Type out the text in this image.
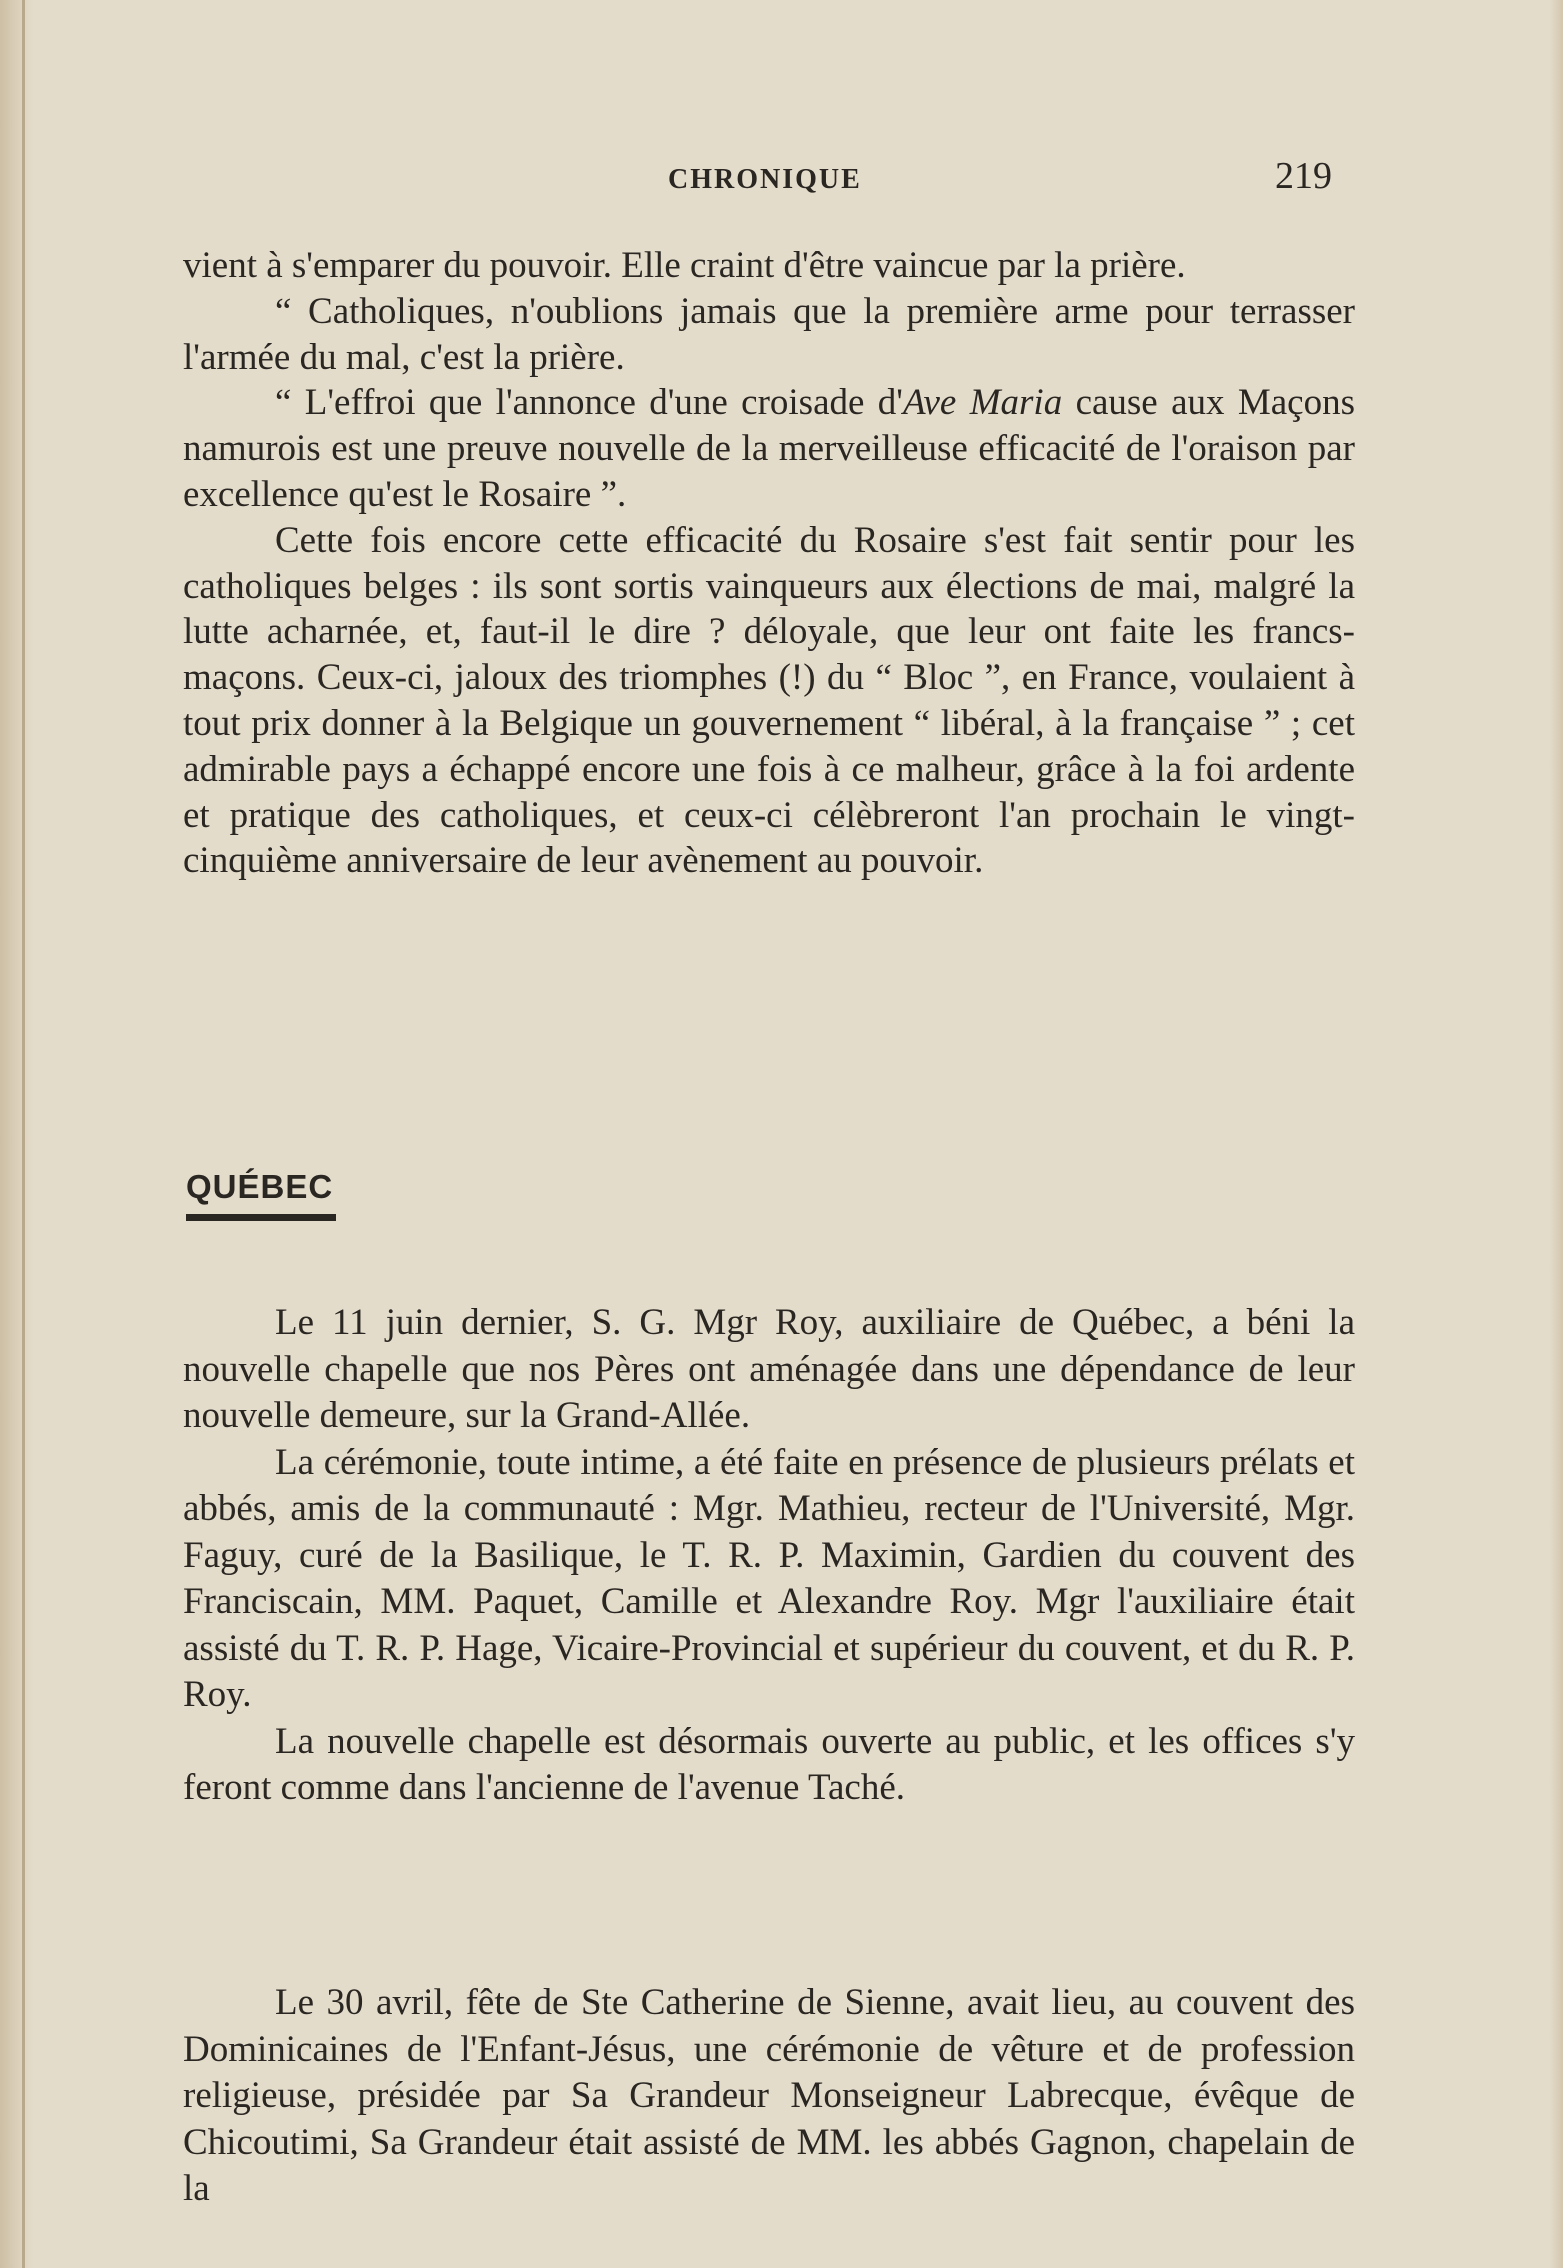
CHRONIQUE	219

vient à s'emparer du pouvoir. Elle craint d'être vaincue par la prière.

“ Catholiques, n'oublions jamais que la première arme pour terrasser l'armée du mal, c'est la prière.

“ L'effroi que l'annonce d'une croisade d'Ave Maria cause aux Maçons namurois est une preuve nouvelle de la merveilleuse efficacité de l'oraison par excellence qu'est le Rosaire ”.

Cette fois encore cette efficacité du Rosaire s'est fait sentir pour les catholiques belges : ils sont sortis vainqueurs aux élections de mai, malgré la lutte acharnée, et, faut-il le dire ? déloyale, que leur ont faite les francs-maçons. Ceux-ci, jaloux des triomphes (!) du “ Bloc ”, en France, voulaient à tout prix donner à la Belgique un gouvernement “ libéral, à la française ” ; cet admirable pays a échappé encore une fois à ce malheur, grâce à la foi ardente et pratique des catholiques, et ceux-ci célèbreront l'an prochain le vingt-cinquième anniversaire de leur avènement au pouvoir.

QUÉBEC

Le 11 juin dernier, S. G. Mgr Roy, auxiliaire de Québec, a béni la nouvelle chapelle que nos Pères ont aménagée dans une dépendance de leur nouvelle demeure, sur la Grand-Allée.

La cérémonie, toute intime, a été faite en présence de plusieurs prélats et abbés, amis de la communauté : Mgr. Mathieu, recteur de l'Université, Mgr. Faguy, curé de la Basilique, le T. R. P. Maximin, Gardien du couvent des Franciscain, MM. Paquet, Camille et Alexandre Roy. Mgr l'auxiliaire était assisté du T. R. P. Hage, Vicaire-Provincial et supérieur du couvent, et du R. P. Roy.

La nouvelle chapelle est désormais ouverte au public, et les offices s'y feront comme dans l'ancienne de l'avenue Taché.

Le 30 avril, fête de Ste Catherine de Sienne, avait lieu, au couvent des Dominicaines de l'Enfant-Jésus, une cérémonie de vêture et de profession religieuse, présidée par Sa Grandeur Monseigneur Labrecque, évêque de Chicoutimi, Sa Grandeur était assisté de MM. les abbés Gagnon, chapelain de la
